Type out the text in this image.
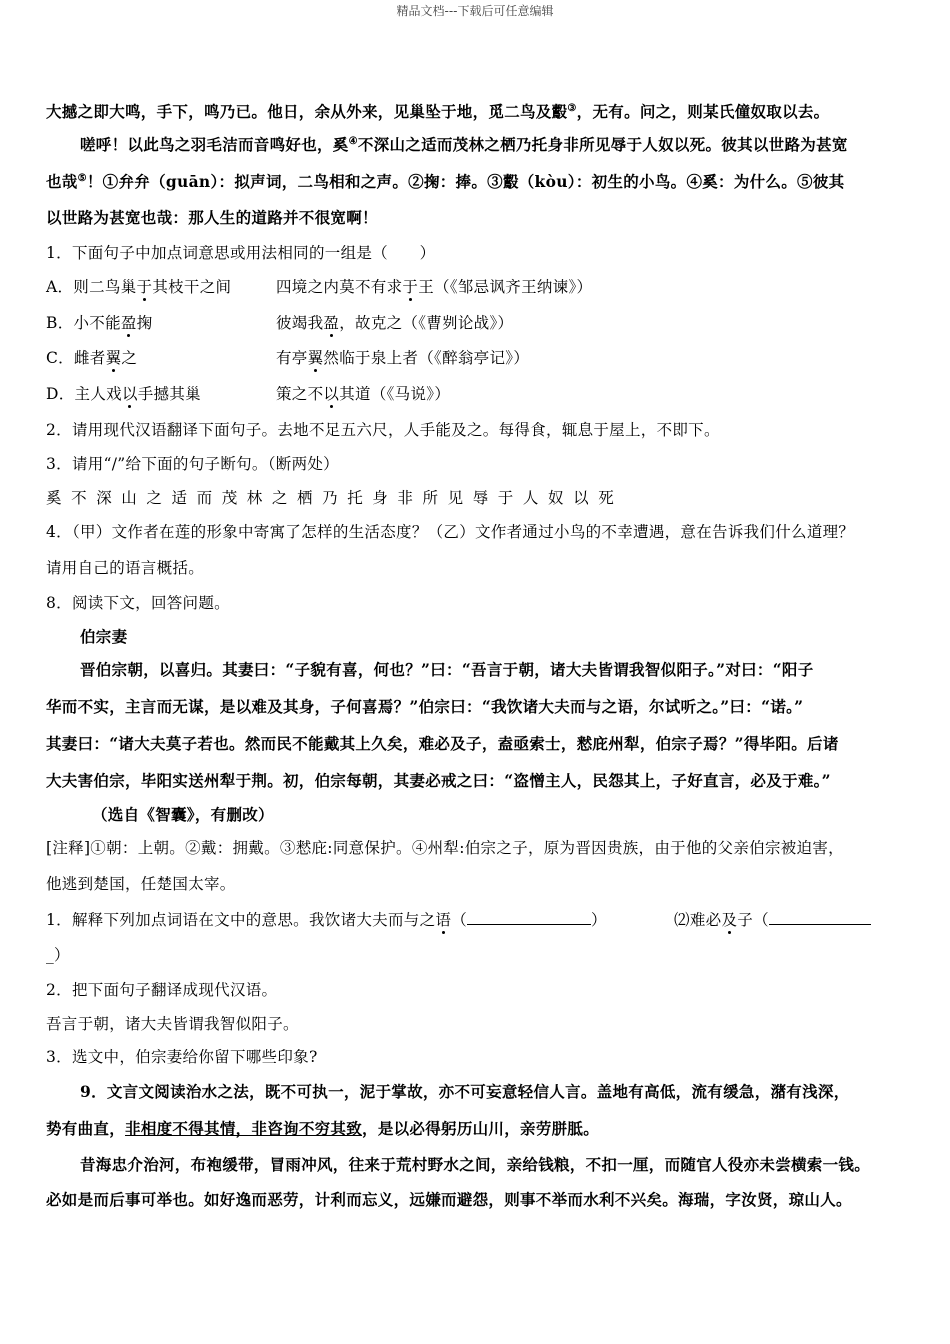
精品文档---下载后可任意编辑
大撼之即大鸣，手下，鸣乃已。他日，余从外来，见巢坠于地，觅二鸟及鷇③，无有。问之，则某氏僮奴取以去。
嗟呼！以此鸟之羽毛洁而音鸣好也，奚④不深山之适而茂林之栖乃托身非所见辱于人奴以死。彼其以世路为甚宽
也哉⑤！①弁弁（guān）：拟声词，二鸟相和之声。②掬：捧。③鷇（kòu）：初生的小鸟。④奚：为什么。⑤彼其
以世路为甚宽也哉：那人生的道路并不很宽啊！
1．下面句子中加点词意思或用法相同的一组是（　　）
A．则二鸟巢于其枝干之间	四境之内莫不有求于王（《邹忌讽齐王纳谏》）
B．小不能盈掬	彼竭我盈，故克之（《曹刿论战》）
C．雌者翼之	有亭翼然临于泉上者（《醉翁亭记》）
D．主人戏以手撼其巢	策之不以其道（《马说》）
2．请用现代汉语翻译下面句子。去地不足五六尺，人手能及之。每得食，辄息于屋上，不即下。
3．请用“/”给下面的句子断句。（断两处）
奚不深山之适而茂林之栖乃托身非所见辱于人奴以死
4．（甲）文作者在莲的形象中寄寓了怎样的生活态度？（乙）文作者通过小鸟的不幸遭遇，意在告诉我们什么道理？
请用自己的语言概括。
8．阅读下文，回答问题。
伯宗妻
晋伯宗朝，以喜归。其妻曰：“子貌有喜，何也？”曰：“吾言于朝，诸大夫皆谓我智似阳子。”对曰：“阳子
华而不实，主言而无谋，是以难及其身，子何喜焉？”伯宗曰：“我饮诸大夫而与之语，尔试听之。”曰：“诺。”
其妻曰：“诸大夫莫子若也。然而民不能戴其上久矣，难必及子，盍亟索士，慭庇州犁，伯宗子焉？”得毕阳。后诸
大夫害伯宗，毕阳实送州犁于荆。初，伯宗每朝，其妻必戒之曰：“盗憎主人，民怨其上，子好直言，必及于难。”
（选自《智囊》，有删改）
[注释]①朝：上朝。②戴：拥戴。③慭庇:同意保护。④州犁:伯宗之子，原为晋因贵族，由于他的父亲伯宗被迫害，
他逃到楚国，任楚国太宰。
1．解释下列加点词语在文中的意思。我饮诸大夫而与之语（	）	⑵难必及子（
_）
2．把下面句子翻译成现代汉语。
吾言于朝，诸大夫皆谓我智似阳子。
3．选文中，伯宗妻给你留下哪些印象?
9．文言文阅读治水之法，既不可执一，泥于掌故，亦不可妄意轻信人言。盖地有高低，流有缓急，潴有浅深，
势有曲直，非相度不得其情，非咨询不穷其致，是以必得躬历山川，亲劳胼胝。
昔海忠介治河，布袍缓带，冒雨冲风，往来于荒村野水之间，亲给钱粮，不扣一厘，而随官人役亦未尝横索一钱。
必如是而后事可举也。如好逸而恶劳，计利而忘义，远嫌而避怨，则事不举而水利不兴矣。海瑞，字汝贤，琼山人。
